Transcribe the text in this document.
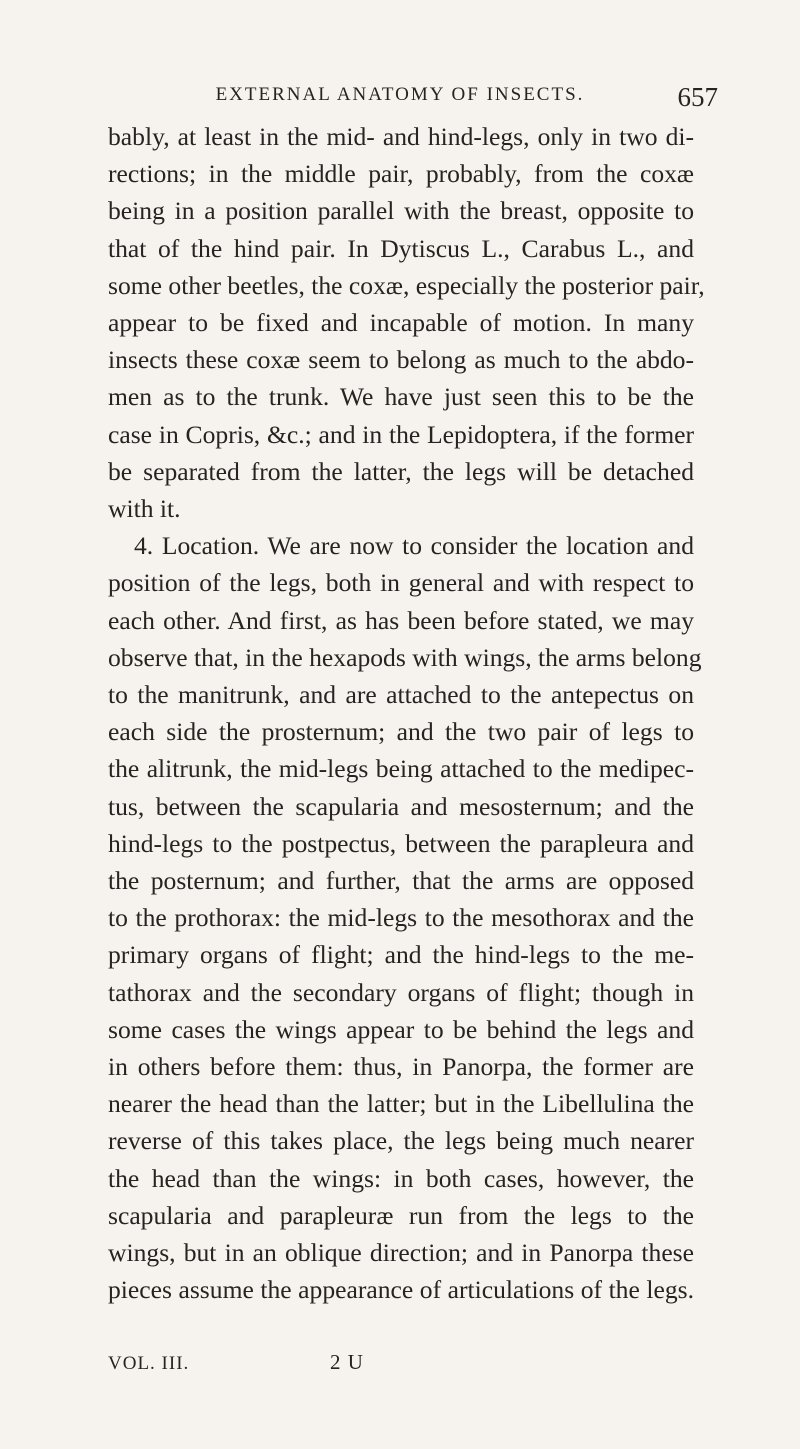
EXTERNAL ANATOMY OF INSECTS.	657
bably, at least in the mid- and hind-legs, only in two di-
rections; in the middle pair, probably, from the coxæ
being in a position parallel with the breast, opposite to
that of the hind pair. In Dytiscus L., Carabus L., and
some other beetles, the coxæ, especially the posterior pair,
appear to be fixed and incapable of motion. In many
insects these coxæ seem to belong as much to the abdo-
men as to the trunk. We have just seen this to be the
case in Copris, &c.; and in the Lepidoptera, if the former
be separated from the latter, the legs will be detached
with it.
4. Location. We are now to consider the location and
position of the legs, both in general and with respect to
each other. And first, as has been before stated, we may
observe that, in the hexapods with wings, the arms belong
to the manitrunk, and are attached to the antepectus on
each side the prosternum; and the two pair of legs to
the alitrunk, the mid-legs being attached to the medipec-
tus, between the scapularia and mesosternum; and the
hind-legs to the postpectus, between the parapleura and
the posternum; and further, that the arms are opposed
to the prothorax: the mid-legs to the mesothorax and the
primary organs of flight; and the hind-legs to the me-
tathorax and the secondary organs of flight; though in
some cases the wings appear to be behind the legs and
in others before them: thus, in Panorpa, the former are
nearer the head than the latter; but in the Libellulina the
reverse of this takes place, the legs being much nearer
the head than the wings: in both cases, however, the
scapularia and parapleuræ run from the legs to the
wings, but in an oblique direction; and in Panorpa these
pieces assume the appearance of articulations of the legs.
VOL. III.	2 U
